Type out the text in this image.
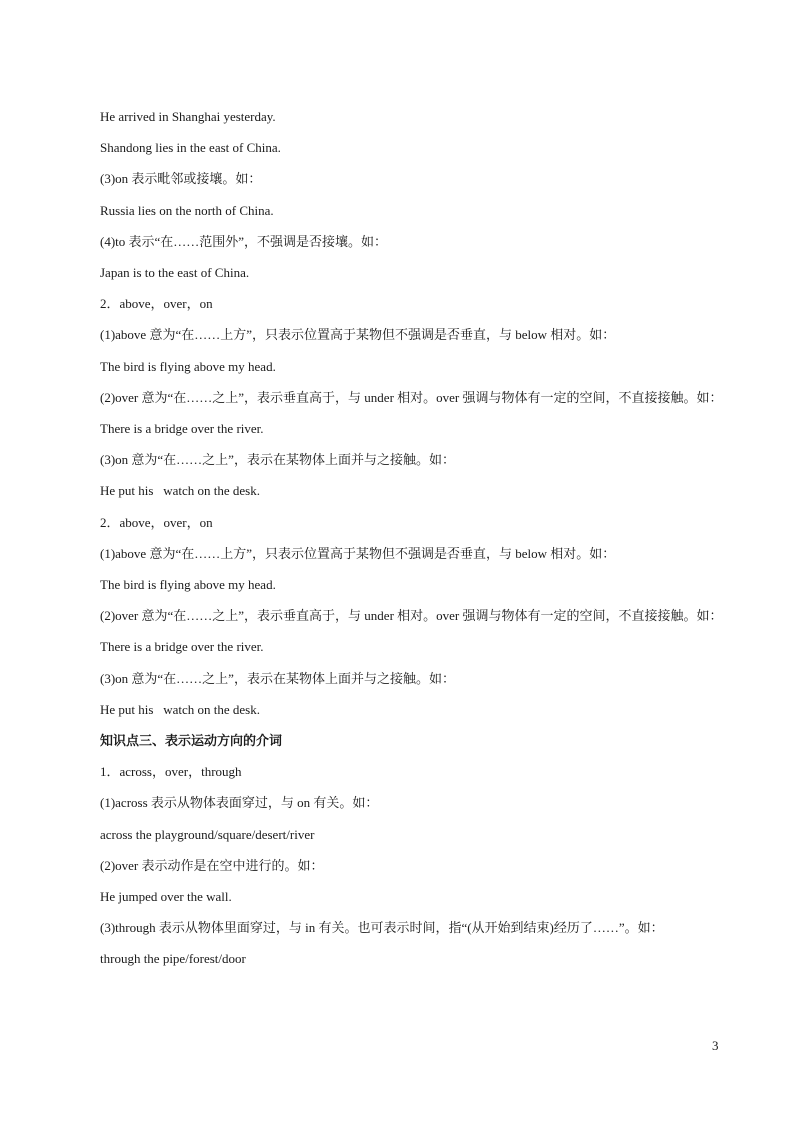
He arrived in Shanghai yesterday.
Shandong lies in the east of China.
(3)on 表示毗邻或接壤。如：
Russia lies on the north of China.
(4)to 表示“在……范围外”，不强调是否接壤。如：
Japan is to the east of China.
2．above，over，on
(1)above 意为“在……上方”，只表示位置高于某物但不强调是否垂直，与 below 相对。如：
The bird is flying above my head.
(2)over 意为“在……之上”，表示垂直高于，与 under 相对。over 强调与物体有一定的空间，不直接接触。如：
There is a bridge over the river.
(3)on 意为“在……之上”，表示在某物体上面并与之接触。如：
He put his   watch on the desk.
2．above，over，on
(1)above 意为“在……上方”，只表示位置高于某物但不强调是否垂直，与 below 相对。如：
The bird is flying above my head.
(2)over 意为“在……之上”，表示垂直高于，与 under 相对。over 强调与物体有一定的空间，不直接接触。如：
There is a bridge over the river.
(3)on 意为“在……之上”，表示在某物体上面并与之接触。如：
He put his   watch on the desk.
知识点三、表示运动方向的介词
1．across，over，through
(1)across 表示从物体表面穿过，与 on 有关。如：
across the playground/square/desert/river
(2)over 表示动作是在空中进行的。如：
He jumped over the wall.
(3)through 表示从物体里面穿过，与 in 有关。也可表示时间，指“(从开始到结束)经历了……”。如：
through the pipe/forest/door
3
